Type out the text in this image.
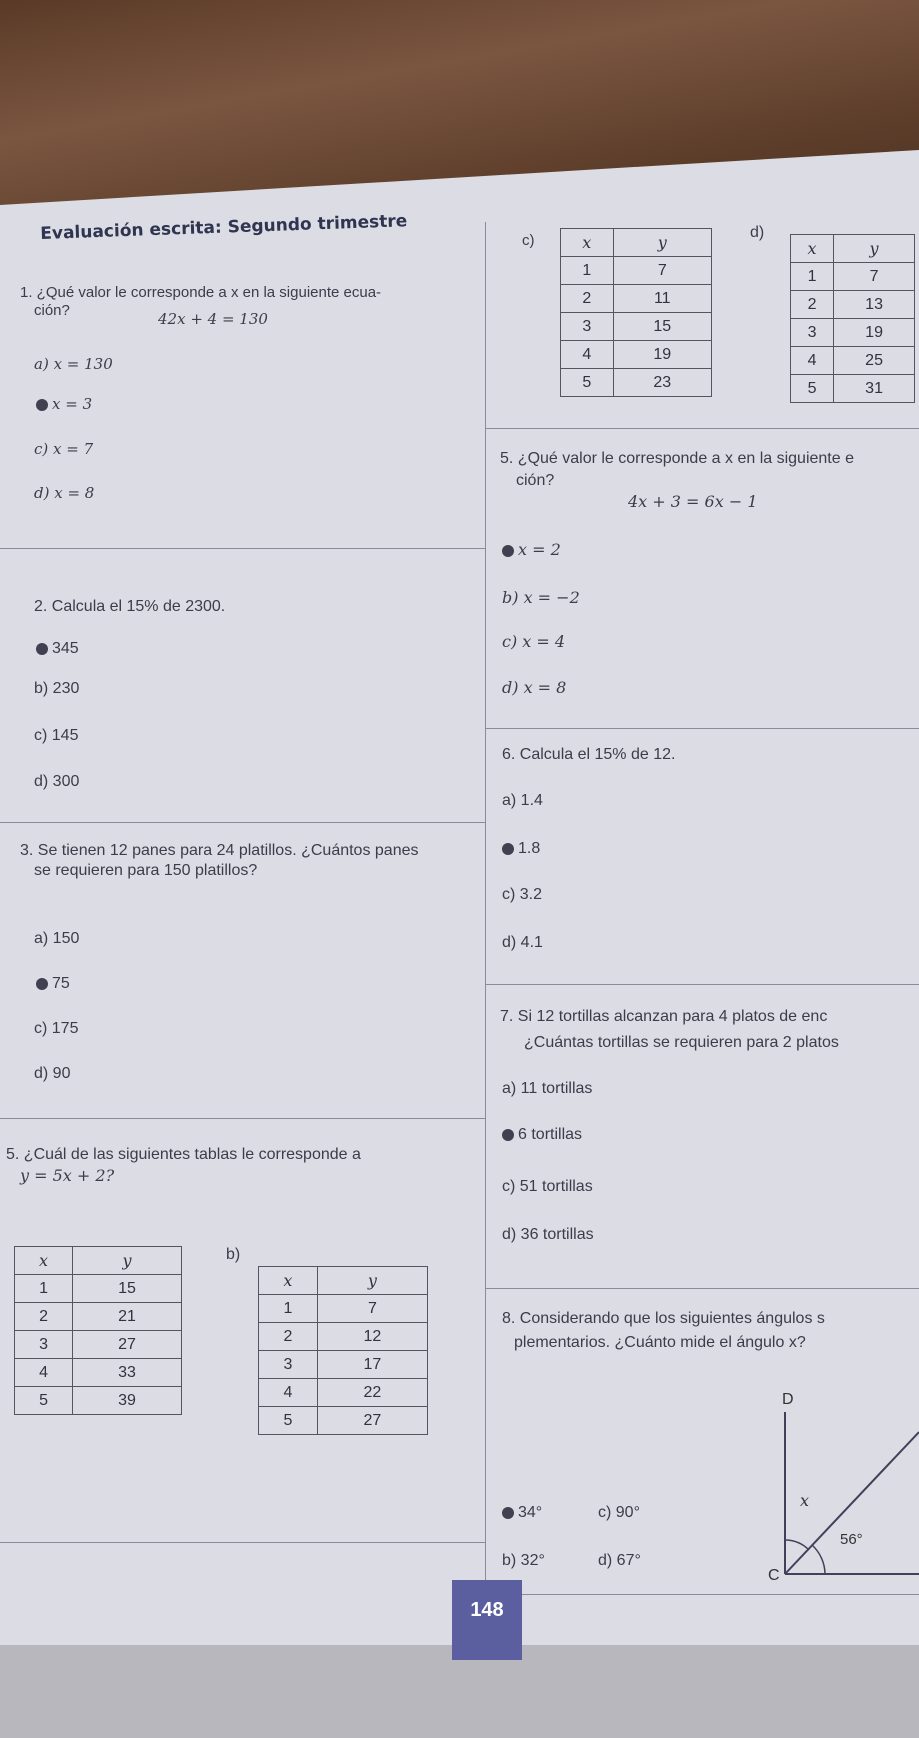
Evaluación escrita: Segundo trimestre
1. ¿Qué valor le corresponde a x en la siguiente ecua-
ción?	42x + 4 = 130
a) x = 130
x = 3
c) x = 7
d) x = 8
2. Calcula el 15% de 2300.
345
b) 230
c) 145
d) 300
3. Se tienen 12 panes para 24 platillos. ¿Cuántos panes
se requieren para 150 platillos?
a) 150
75
c) 175
d) 90
5. ¿Cuál de las siguientes tablas le corresponde a
y = 5x + 2?
x	y
1	15
2	21
3	27
4	33
5	39
b)
x	y
1	7
2	12
3	17
4	22
5	27
c)	x	y
1	7
2	11
3	15
4	19
5	23
d)
x	y
1	7
2	13
3	19
4	25
5	31
5. ¿Qué valor le corresponde a x en la siguiente e
ción?
4x + 3 = 6x − 1
x = 2
b) x = −2
c) x = 4
d) x = 8
6. Calcula el 15% de 12.
a) 1.4
1.8
c) 3.2
d) 4.1
7. Si 12 tortillas alcanzan para 4 platos de enc
¿Cuántas tortillas se requieren para 2 platos
a) 11 tortillas
6 tortillas
c) 51 tortillas
d) 36 tortillas
8. Considerando que los siguientes ángulos s
plementarios. ¿Cuánto mide el ángulo x?
D
C
x
56°
34°	c) 90°
b) 32°	d) 67°
148
